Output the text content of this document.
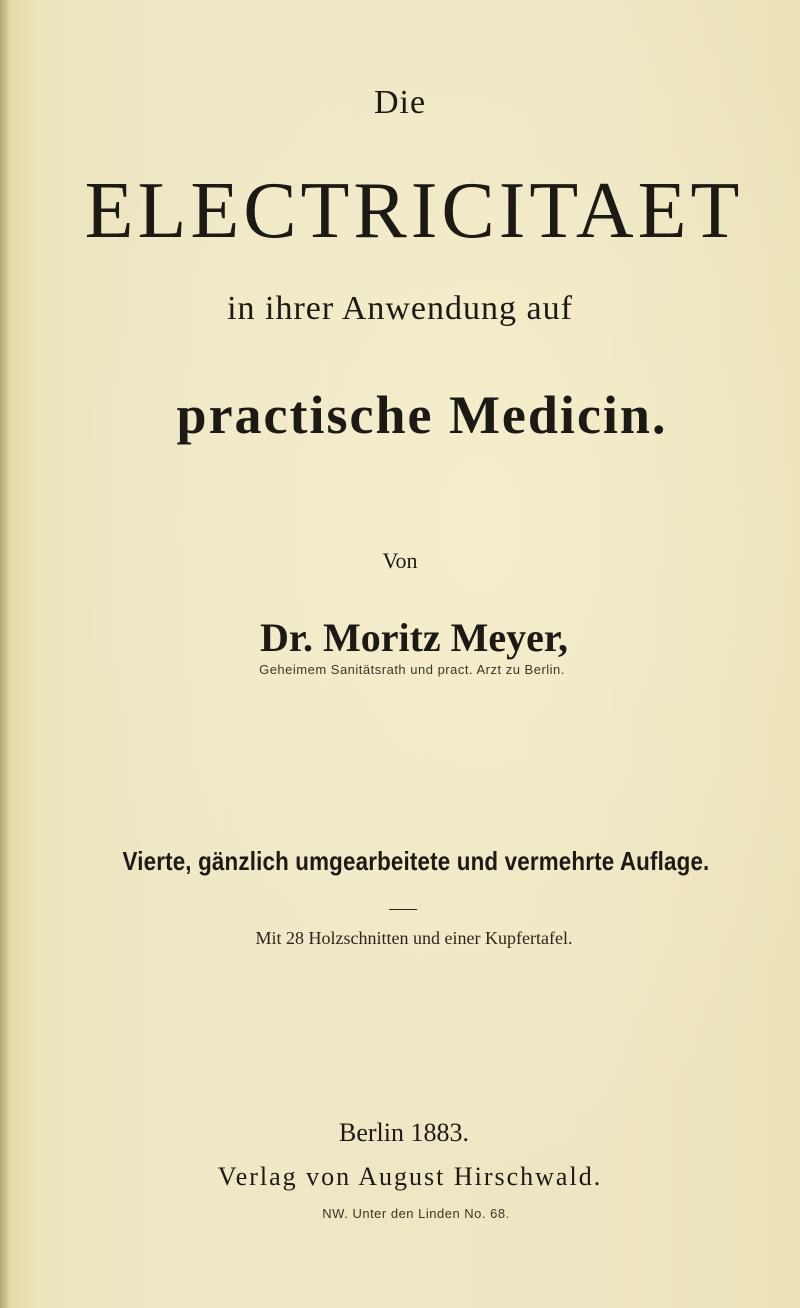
Die
ELECTRICITAET
in ihrer Anwendung auf
practische Medicin.
Von
Dr. Moritz Meyer,
Geheimem Sanitätsrath und pract. Arzt zu Berlin.
Vierte, gänzlich umgearbeitete und vermehrte Auflage.
Mit 28 Holzschnitten und einer Kupfertafel.
Berlin 1883.
Verlag von August Hirschwald.
NW. Unter den Linden No. 68.
